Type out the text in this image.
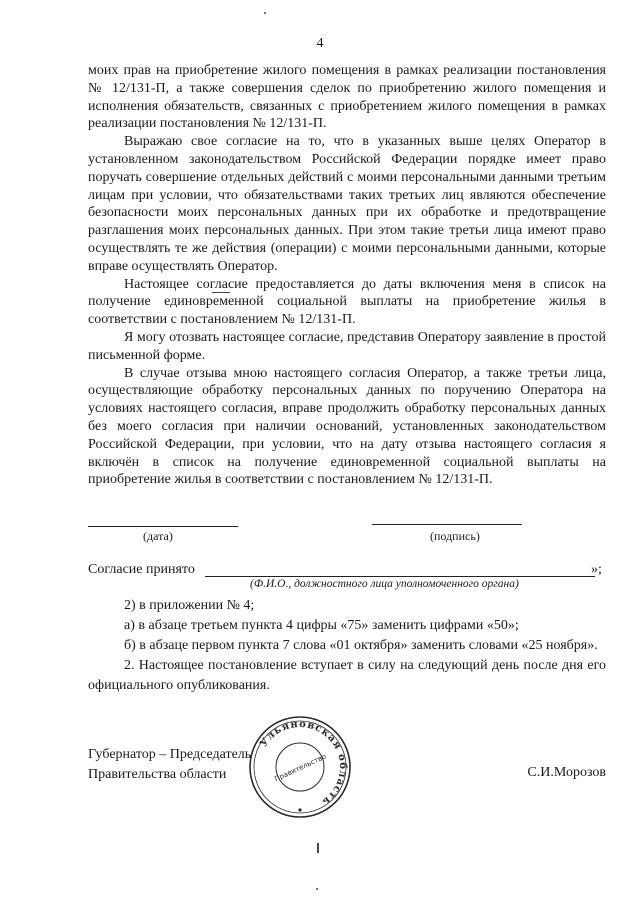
4

моих прав на приобретение жилого помещения в рамках реализации постановления № 12/131-П, а также совершения сделок по приобретению жилого помещения и исполнения обязательств, связанных с приобретением жилого помещения в рамках реализации постановления № 12/131-П.

Выражаю свое согласие на то, что в указанных выше целях Оператор в установленном законодательством Российской Федерации порядке имеет право поручать совершение отдельных действий с моими персональными данными третьим лицам при условии, что обязательствами таких третьих лиц являются обеспечение безопасности моих персональных данных при их обработке и предотвращение разглашения моих персональных данных. При этом такие третьи лица имеют право осуществлять те же действия (операции) с моими персональными данными, которые вправе осуществлять Оператор.

Настоящее согласие предоставляется до даты включения меня в список на получение единовременной социальной выплаты на приобретение жилья в соответствии с постановлением № 12/131-П.

Я могу отозвать настоящее согласие, представив Оператору заявление в простой письменной форме.

В случае отзыва мною настоящего согласия Оператор, а также третьи лица, осуществляющие обработку персональных данных по поручению Оператора на условиях настоящего согласия, вправе продолжить обработку персональных данных без моего согласия при наличии оснований, установленных законодательством Российской Федерации, при условии, что на дату отзыва настоящего согласия я включён в список на получение единовременной социальной выплаты на приобретение жилья в соответствии с постановлением № 12/131-П.

(дата)	(подпись)
Согласие принято	»;
(Ф.И.О., должностного лица уполномоченного органа)

2) в приложении № 4;

а) в абзаце третьем пункта 4 цифры «75» заменить цифрами «50»;

б) в абзаце первом пункта 7 слова «01 октября» заменить словами «25 ноября».

2. Настоящее постановление вступает в силу на следующий день после дня его официального опубликования.

Губернатор – Председатель
Правительства области	С.И.Морозов
Ульяновская область
Правительство
